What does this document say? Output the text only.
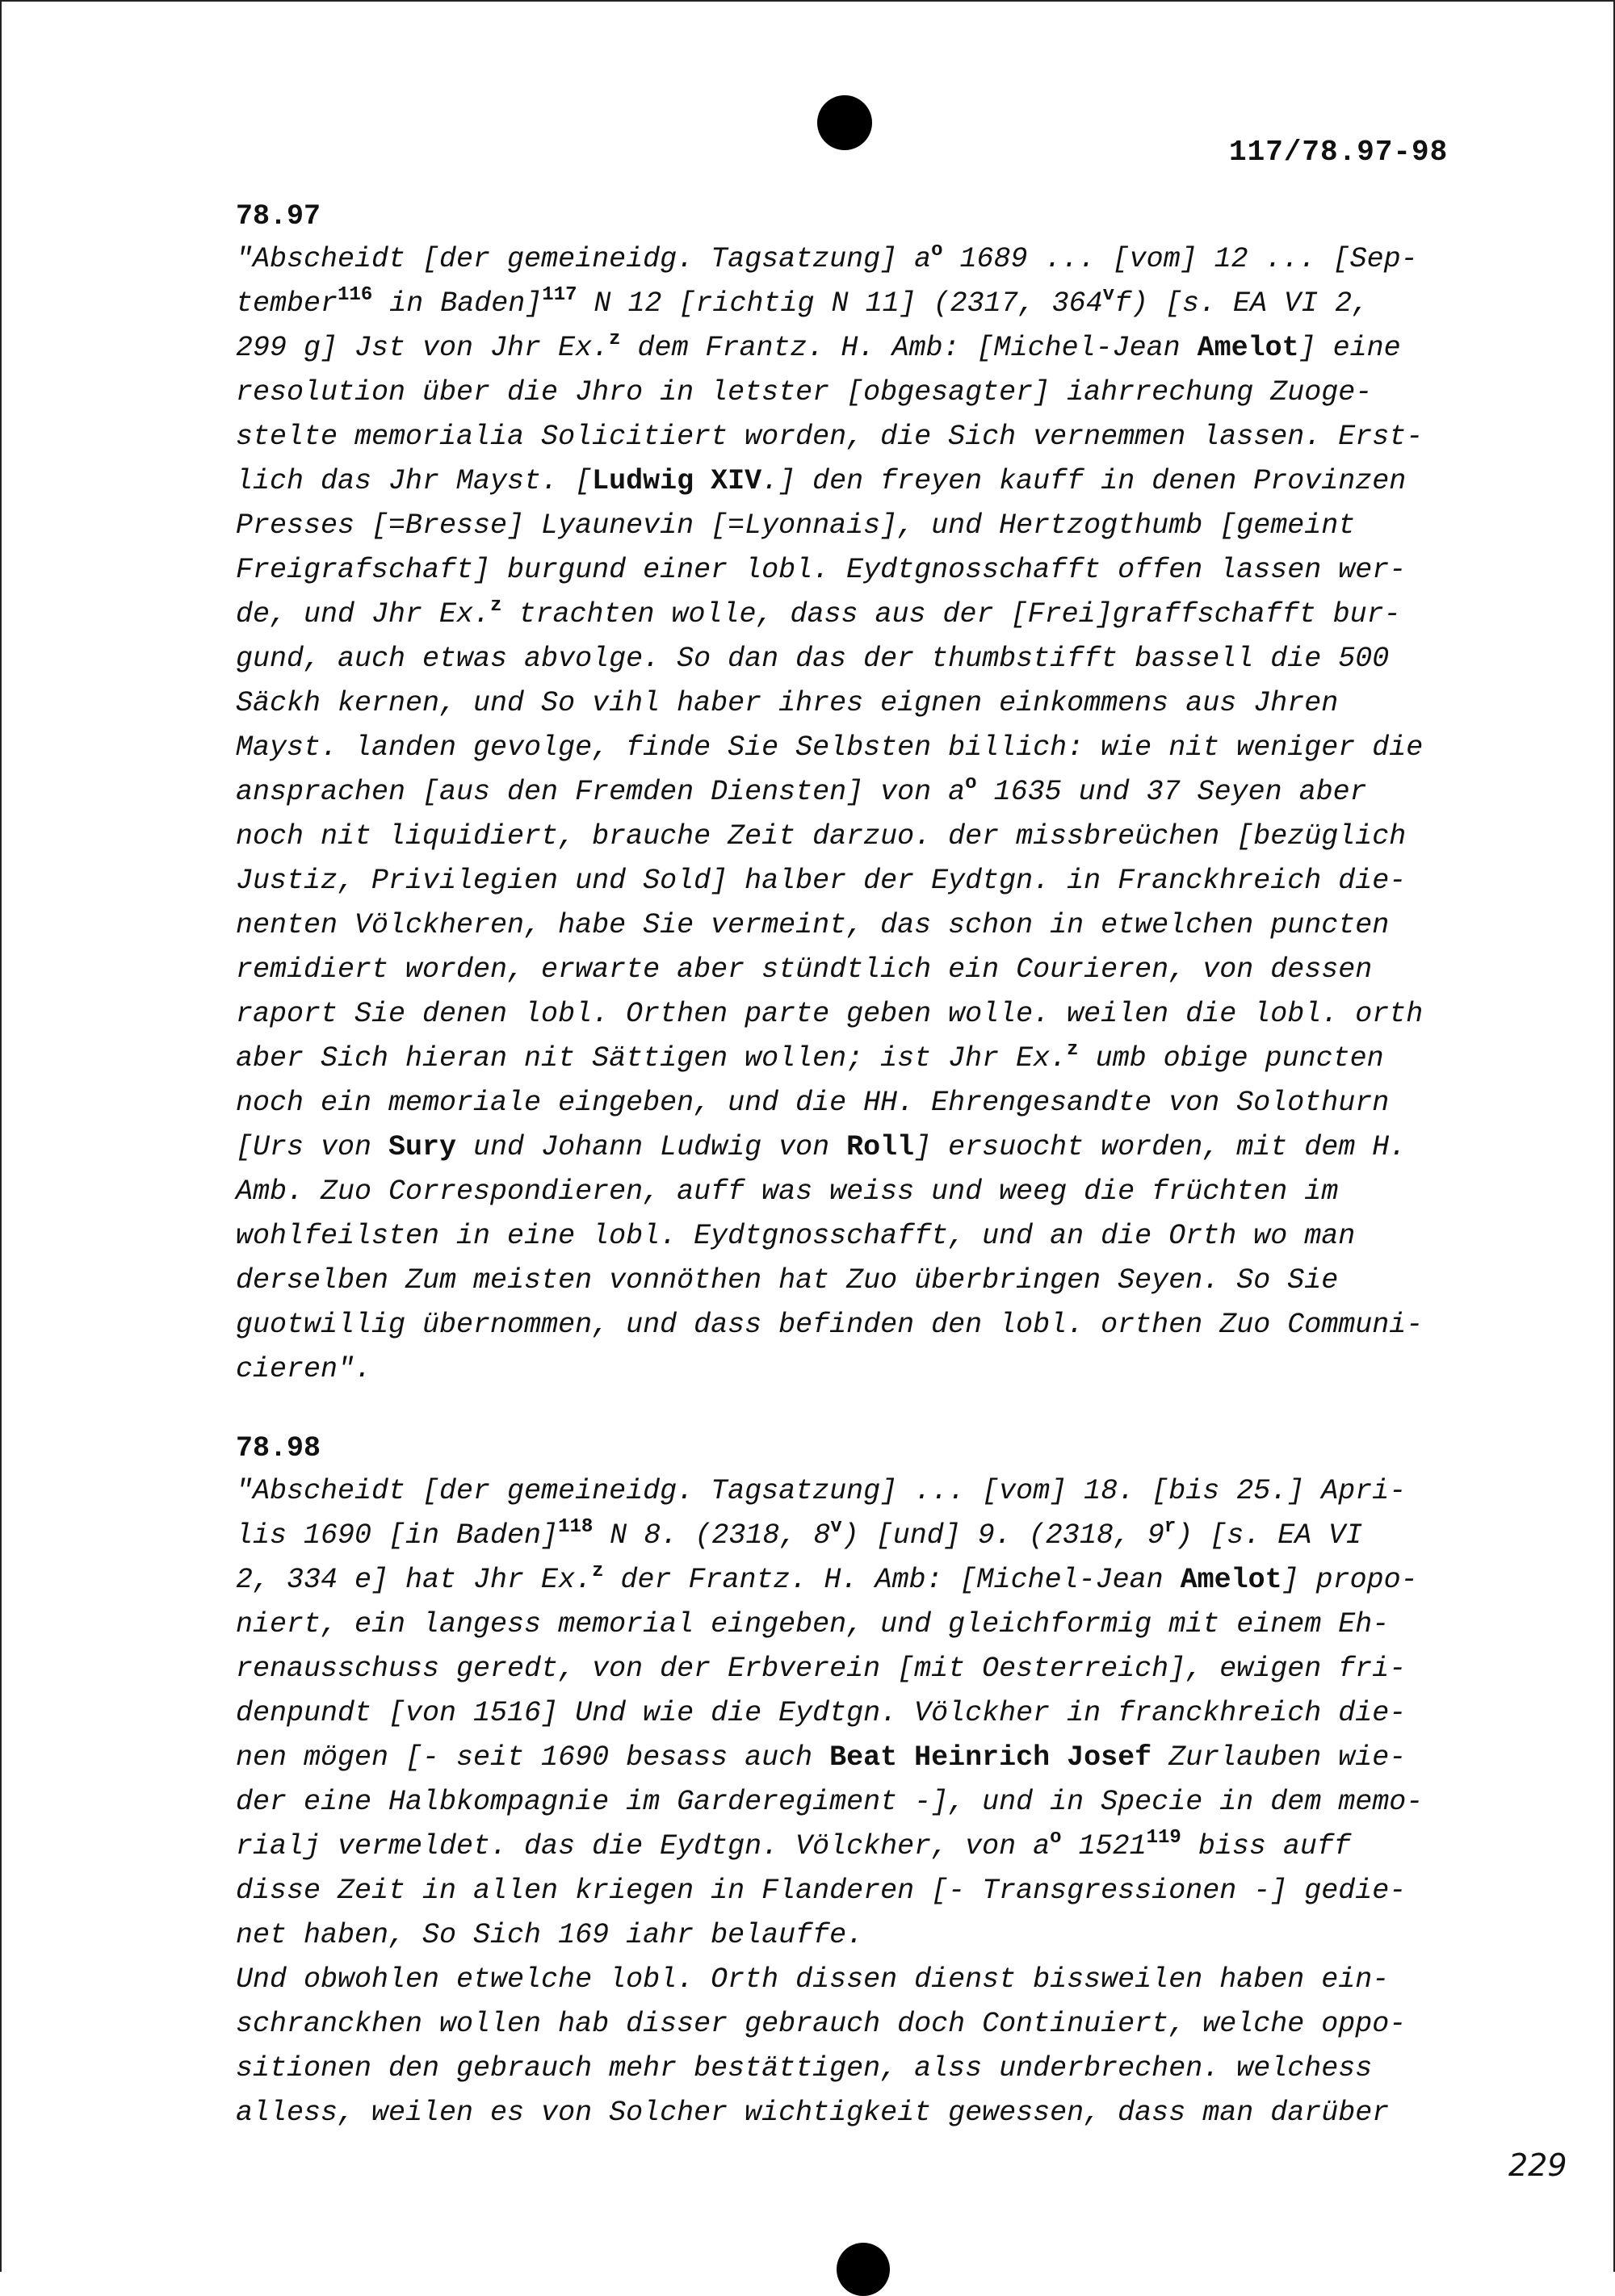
117/78.97-98
78.97
"Abscheidt [der gemeineidg. Tagsatzung] $a^o$ 1689 ... [vom] 12 ... [Sep-
tember$^{116}$ in Baden]$^{117}$ N 12 [richtig N 11] (2317, 364$^v$f) [s. EA VI 2,
299 g] Jst von Jhr Ex.$^z$ dem Frantz. H. Amb: [Michel-Jean Amelot] eine
resolution über die Jhro in letster [obgesagter] iahrrechung Zuoge-
stelte memorialia Solicitiert worden, die Sich vernemmen lassen. Erst-
lich das Jhr Mayst. [Ludwig XIV.] den freyen kauff in denen Provinzen
Presses [=Bresse] Lyaunevin [=Lyonnais], und Hertzogthumb [gemeint
Freigrafschaft] burgund einer lobl. Eydtgnosschafft offen lassen wer-
de, und Jhr Ex.$^z$ trachten wolle, dass aus der [Frei]graffschafft bur-
gund, auch etwas abvolge. So dan das der thumbstifft bassell die 500
Säckh kernen, und So vihl haber ihres eignen einkommens aus Jhren
Mayst. landen gevolge, finde Sie Selbsten billich: wie nit weniger die
ansprachen [aus den Fremden Diensten] von $a^o$ 1635 und 37 Seyen aber
noch nit liquidiert, brauche Zeit darzuo. der missbreüchen [bezüglich
Justiz, Privilegien und Sold] halber der Eydtgn. in Franckhreich die-
nenten Völckheren, habe Sie vermeint, das schon in etwelchen puncten
remidiert worden, erwarte aber stündtlich ein Courieren, von dessen
raport Sie denen lobl. Orthen parte geben wolle. weilen die lobl. orth
aber Sich hieran nit Sättigen wollen; ist Jhr Ex.$^z$ umb obige puncten
noch ein memoriale eingeben, und die HH. Ehrengesandte von Solothurn
[Urs von Sury und Johann Ludwig von Roll] ersuocht worden, mit dem H.
Amb. Zuo Correspondieren, auff was weiss und weeg die früchten im
wohlfeilsten in eine lobl. Eydtgnosschafft, und an die Orth wo man
derselben Zum meisten vonnöthen hat Zuo überbringen Seyen. So Sie
guotwillig übernommen, und dass befinden den lobl. orthen Zuo Communi-
cieren".
78.98
"Abscheidt [der gemeineidg. Tagsatzung] ... [vom] 18. [bis 25.] Apri-
lis 1690 [in Baden]$^{118}$ N 8. (2318, 8$^v$) [und] 9. (2318, 9$^r$) [s. EA VI
2, 334 e] hat Jhr Ex.$^z$ der Frantz. H. Amb: [Michel-Jean Amelot] propo-
niert, ein langess memorial eingeben, und gleichformig mit einem Eh-
renausschuss geredt, von der Erbverein [mit Oesterreich], ewigen fri-
denpundt [von 1516] Und wie die Eydtgn. Völckher in franckhreich die-
nen mögen [- seit 1690 besass auch Beat Heinrich Josef Zurlauben wie-
der eine Halbkompagnie im Garderegiment -], und in Specie in dem memo-
rialj vermeldet. das die Eydtgn. Völckher, von $a^o$ 1521$^{119}$ biss auff
disse Zeit in allen kriegen in Flanderen [- Transgressionen -] gedie-
net haben, So Sich 169 iahr belauffe.
Und obwohlen etwelche lobl. Orth dissen dienst bissweilen haben ein-
schranckhen wollen hab disser gebrauch doch Continuiert, welche oppo-
sitionen den gebrauch mehr bestättigen, alss underbrechen. welchess
alless, weilen es von Solcher wichtigkeit gewessen, dass man darüber
229
